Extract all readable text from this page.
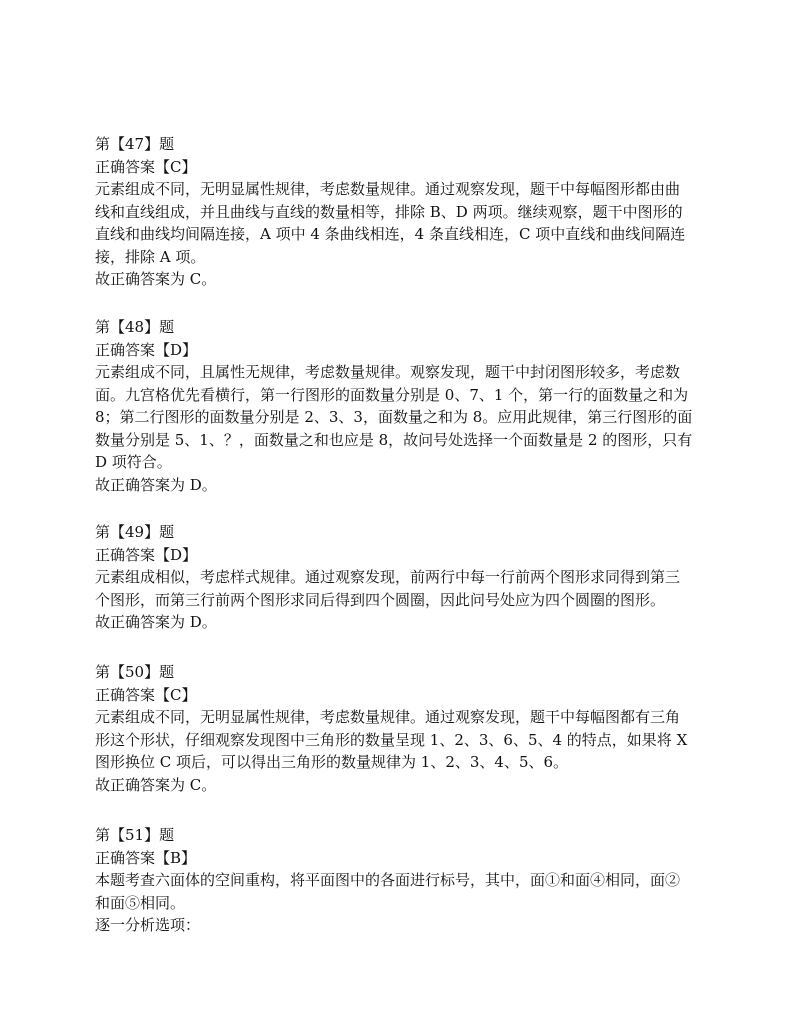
第【47】题
正确答案【C】
元素组成不同，无明显属性规律，考虑数量规律。通过观察发现，题干中每幅图形都由曲
线和直线组成，并且曲线与直线的数量相等，排除 B、D 两项。继续观察，题干中图形的
直线和曲线均间隔连接，A 项中 4 条曲线相连，4 条直线相连，C 项中直线和曲线间隔连
接，排除 A 项。
故正确答案为 C。
第【48】题
正确答案【D】
元素组成不同，且属性无规律，考虑数量规律。观察发现，题干中封闭图形较多，考虑数
面。九宫格优先看横行，第一行图形的面数量分别是 0、7、1 个，第一行的面数量之和为
8；第二行图形的面数量分别是 2、3、3，面数量之和为 8。应用此规律，第三行图形的面
数量分别是 5、1、？，面数量之和也应是 8，故问号处选择一个面数量是 2 的图形，只有
D 项符合。
故正确答案为 D。
第【49】题
正确答案【D】
元素组成相似，考虑样式规律。通过观察发现，前两行中每一行前两个图形求同得到第三
个图形，而第三行前两个图形求同后得到四个圆圈，因此问号处应为四个圆圈的图形。
故正确答案为 D。
第【50】题
正确答案【C】
元素组成不同，无明显属性规律，考虑数量规律。通过观察发现，题干中每幅图都有三角
形这个形状，仔细观察发现图中三角形的数量呈现 1、2、3、6、5、4 的特点，如果将 X
图形换位 C 项后，可以得出三角形的数量规律为 1、2、3、4、5、6。
故正确答案为 C。
第【51】题
正确答案【B】
本题考查六面体的空间重构，将平面图中的各面进行标号，其中，面①和面④相同，面②
和面⑤相同。
逐一分析选项：
